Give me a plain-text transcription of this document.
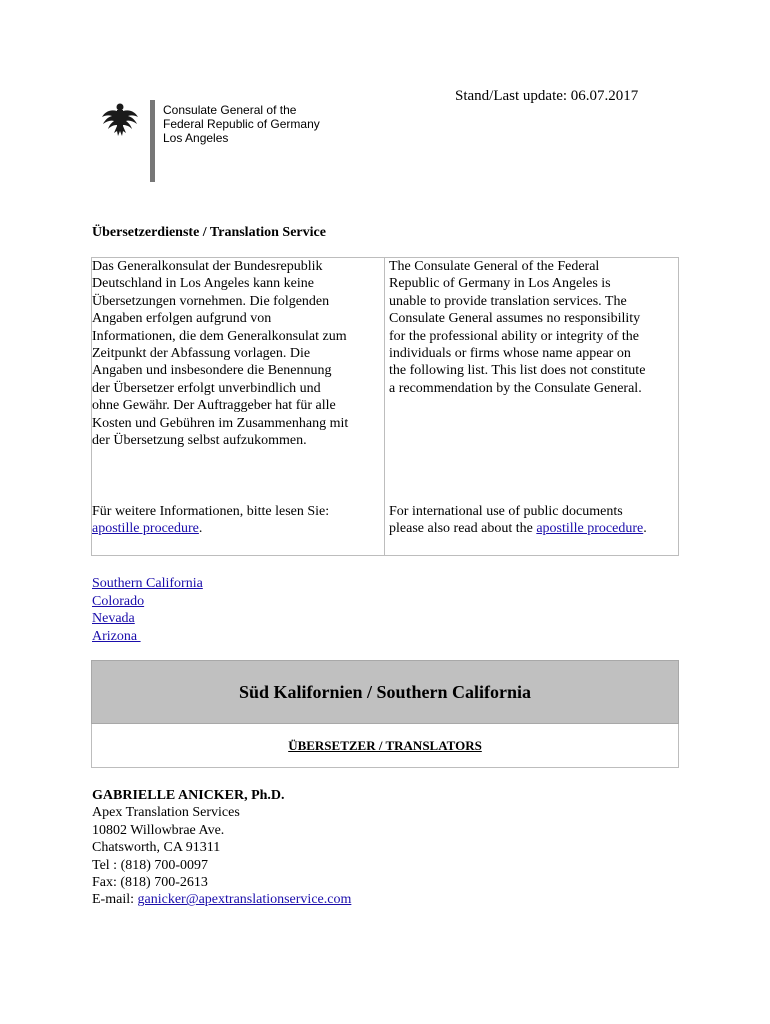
Stand/Last update: 06.07.2017
Consulate General of the
Federal Republic of Germany
Los Angeles
Übersetzerdienste / Translation Service
Das Generalkonsulat der Bundesrepublik
Deutschland in Los Angeles kann keine
Übersetzungen vornehmen. Die folgenden
Angaben erfolgen aufgrund von
Informationen, die dem Generalkonsulat zum
Zeitpunkt der Abfassung vorlagen. Die
Angaben und insbesondere die Benennung
der Übersetzer erfolgt unverbindlich und
ohne Gewähr. Der Auftraggeber hat für alle
Kosten und Gebühren im Zusammenhang mit
der Übersetzung selbst aufzukommen.
The Consulate General of the Federal
Republic of Germany in Los Angeles is
unable to provide translation services. The
Consulate General assumes no responsibility
for the professional ability or integrity of the
individuals or firms whose name appear on
the following list. This list does not constitute
a recommendation by the Consulate General.
Für weitere Informationen, bitte lesen Sie:
apostille procedure.
For international use of public documents
please also read about the apostille procedure.
Southern California
Colorado
Nevada
Arizona
Süd Kalifornien / Southern California
ÜBERSETZER / TRANSLATORS
GABRIELLE ANICKER, Ph.D.
Apex Translation Services
10802 Willowbrae Ave.
Chatsworth, CA 91311
Tel : (818) 700-0097
Fax: (818) 700-2613
E-mail: ganicker@apextranslationservice.com
